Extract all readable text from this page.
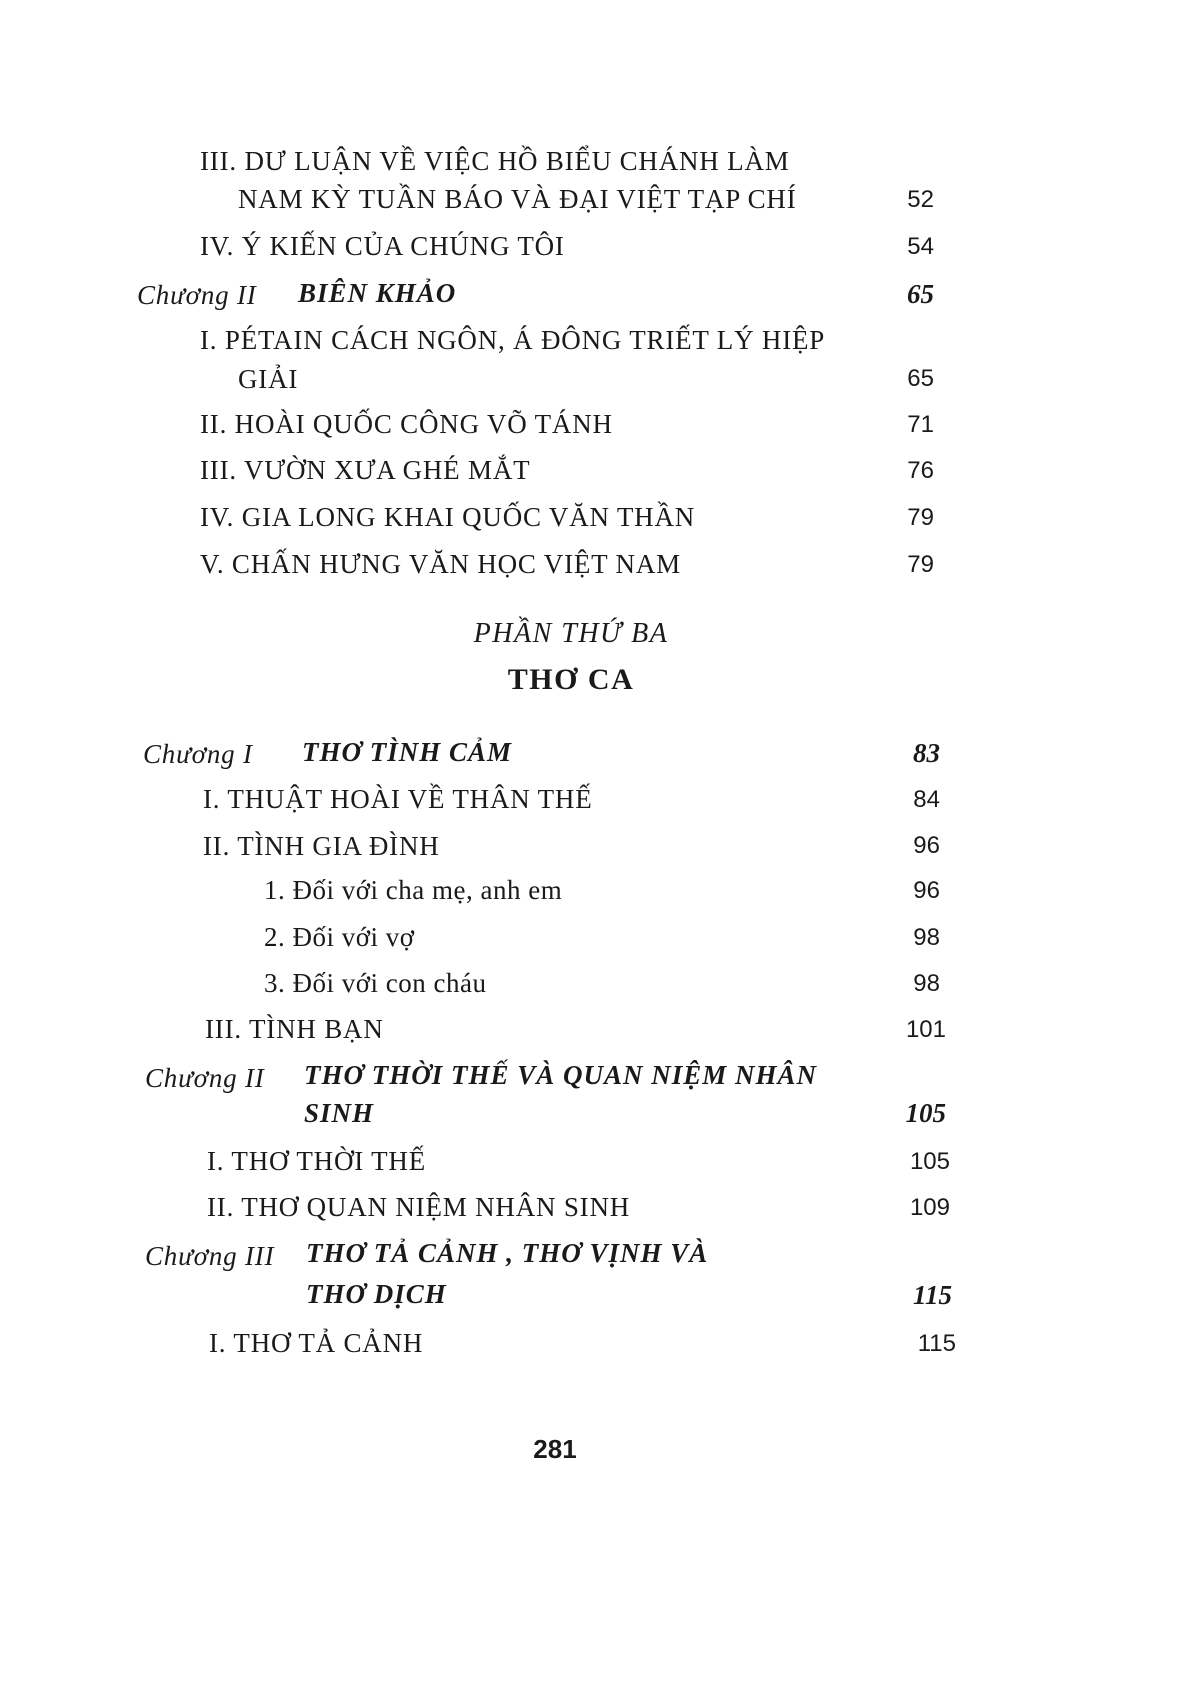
III. DƯ LUẬN VỀ VIỆC HỒ BIỂU CHÁNH LÀM
NAM KỲ TUẦN BÁO VÀ ĐẠI VIỆT TẠP CHÍ	52
IV. Ý KIẾN CỦA CHÚNG TÔI	54
Chương II BIÊN KHẢO	65
I. PÉTAIN CÁCH NGÔN, Á ĐÔNG TRIẾT LÝ HIỆP
GIẢI	65
II. HOÀI QUỐC CÔNG VÕ TÁNH	71
III. VƯỜN XƯA GHÉ MẮT	76
IV. GIA LONG KHAI QUỐC VĂN THẦN	79
V. CHẤN HƯNG VĂN HỌC VIỆT NAM	79
PHẦN THỨ BA
THƠ CA
Chương I THƠ TÌNH CẢM	83
I. THUẬT HOÀI VỀ THÂN THẾ	84
II. TÌNH GIA ĐÌNH	96
1. Đối với cha mẹ, anh em	96
2. Đối với vợ	98
3. Đối với con cháu	98
III. TÌNH BẠN	101
Chương II THƠ THỜI THẾ VÀ QUAN NIỆM NHÂN
SINH	105
I. THƠ THỜI THẾ	105
II. THƠ QUAN NIỆM NHÂN SINH	109
Chương III THƠ TẢ CẢNH , THƠ VỊNH VÀ
THƠ DỊCH	115
I. THƠ TẢ CẢNH	115
281
